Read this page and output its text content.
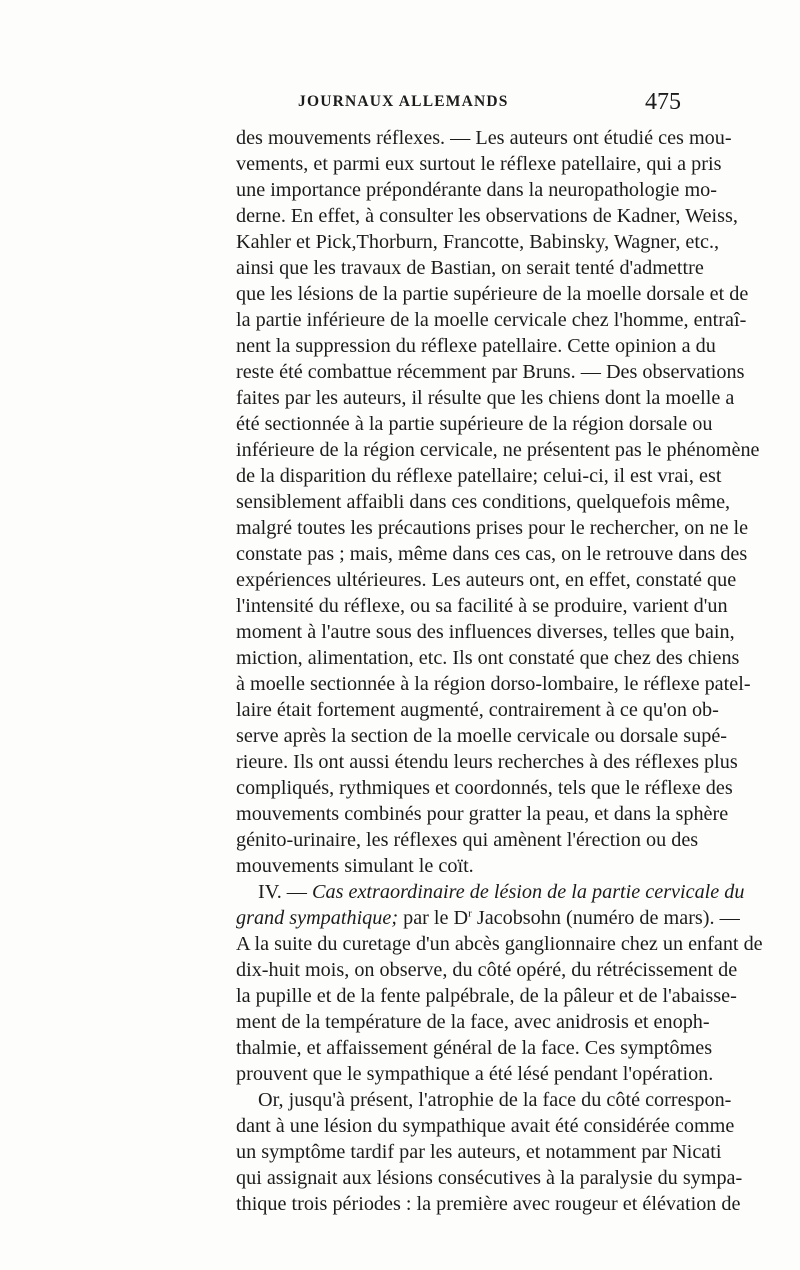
JOURNAUX ALLEMANDS	475
des mouvements réflexes. — Les auteurs ont étudié ces mou-
vements, et parmi eux surtout le réflexe patellaire, qui a pris
une importance prépondérante dans la neuropathologie mo-
derne. En effet, à consulter les observations de Kadner, Weiss,
Kahler et Pick,Thorburn, Francotte, Babinsky, Wagner, etc.,
ainsi que les travaux de Bastian, on serait tenté d'admettre
que les lésions de la partie supérieure de la moelle dorsale et de
la partie inférieure de la moelle cervicale chez l'homme, entraî-
nent la suppression du réflexe patellaire. Cette opinion a du
reste été combattue récemment par Bruns. — Des observations
faites par les auteurs, il résulte que les chiens dont la moelle a
été sectionnée à la partie supérieure de la région dorsale ou
inférieure de la région cervicale, ne présentent pas le phénomène
de la disparition du réflexe patellaire; celui-ci, il est vrai, est
sensiblement affaibli dans ces conditions, quelquefois même,
malgré toutes les précautions prises pour le rechercher, on ne le
constate pas ; mais, même dans ces cas, on le retrouve dans des
expériences ultérieures. Les auteurs ont, en effet, constaté que
l'intensité du réflexe, ou sa facilité à se produire, varient d'un
moment à l'autre sous des influences diverses, telles que bain,
miction, alimentation, etc. Ils ont constaté que chez des chiens
à moelle sectionnée à la région dorso-lombaire, le réflexe patel-
laire était fortement augmenté, contrairement à ce qu'on ob-
serve après la section de la moelle cervicale ou dorsale supé-
rieure. Ils ont aussi étendu leurs recherches à des réflexes plus
compliqués, rythmiques et coordonnés, tels que le réflexe des
mouvements combinés pour gratter la peau, et dans la sphère
génito-urinaire, les réflexes qui amènent l'érection ou des
mouvements simulant le coït.
IV. — Cas extraordinaire de lésion de la partie cervicale du
grand sympathique; par le $D^r$ Jacobsohn (numéro de mars). —
A la suite du curetage d'un abcès ganglionnaire chez un enfant de
dix-huit mois, on observe, du côté opéré, du rétrécissement de
la pupille et de la fente palpébrale, de la pâleur et de l'abaisse-
ment de la température de la face, avec anidrosis et enoph-
thalmie, et affaissement général de la face. Ces symptômes
prouvent que le sympathique a été lésé pendant l'opération.
Or, jusqu'à présent, l'atrophie de la face du côté correspon-
dant à une lésion du sympathique avait été considérée comme
un symptôme tardif par les auteurs, et notamment par Nicati
qui assignait aux lésions consécutives à la paralysie du sympa-
thique trois périodes : la première avec rougeur et élévation de
